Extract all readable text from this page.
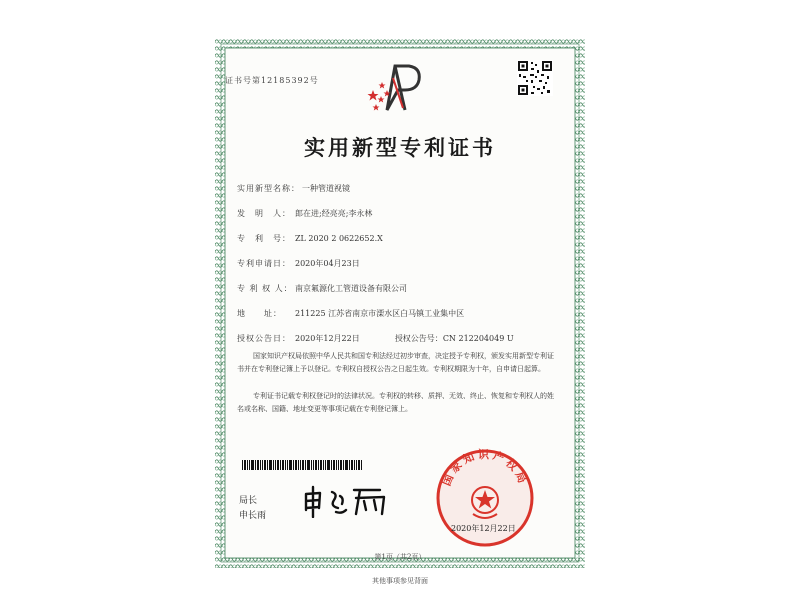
证书号第12185392号
实用新型专利证书
实用新型名称： 一种管道视镜
发　明　人： 郎在进;经亮亮;李永林
专　利　号： ZL 2020 2 0622652.X
专利申请日： 2020年04月23日
专 利 权 人： 南京氟源化工管道设备有限公司
地　　址： 211225 江苏省南京市溧水区白马镇工业集中区
授权公告日： 2020年12月22日	授权公告号：CN 212204049 U
国家知识产权局依照中华人民共和国专利法经过初步审查，决定授予专利权，颁发实用新型专利证书并在专利登记簿上予以登记。专利权自授权公告之日起生效。专利权期限为十年，自申请日起算。
专利证书记载专利权登记时的法律状况。专利权的转移、质押、无效、终止、恢复和专利权人的姓名或名称、国籍、地址变更等事项记载在专利登记簿上。
局长
申长雨
国家知识产权局
2020年12月22日
第1页（共2页）
其他事项参见背面
